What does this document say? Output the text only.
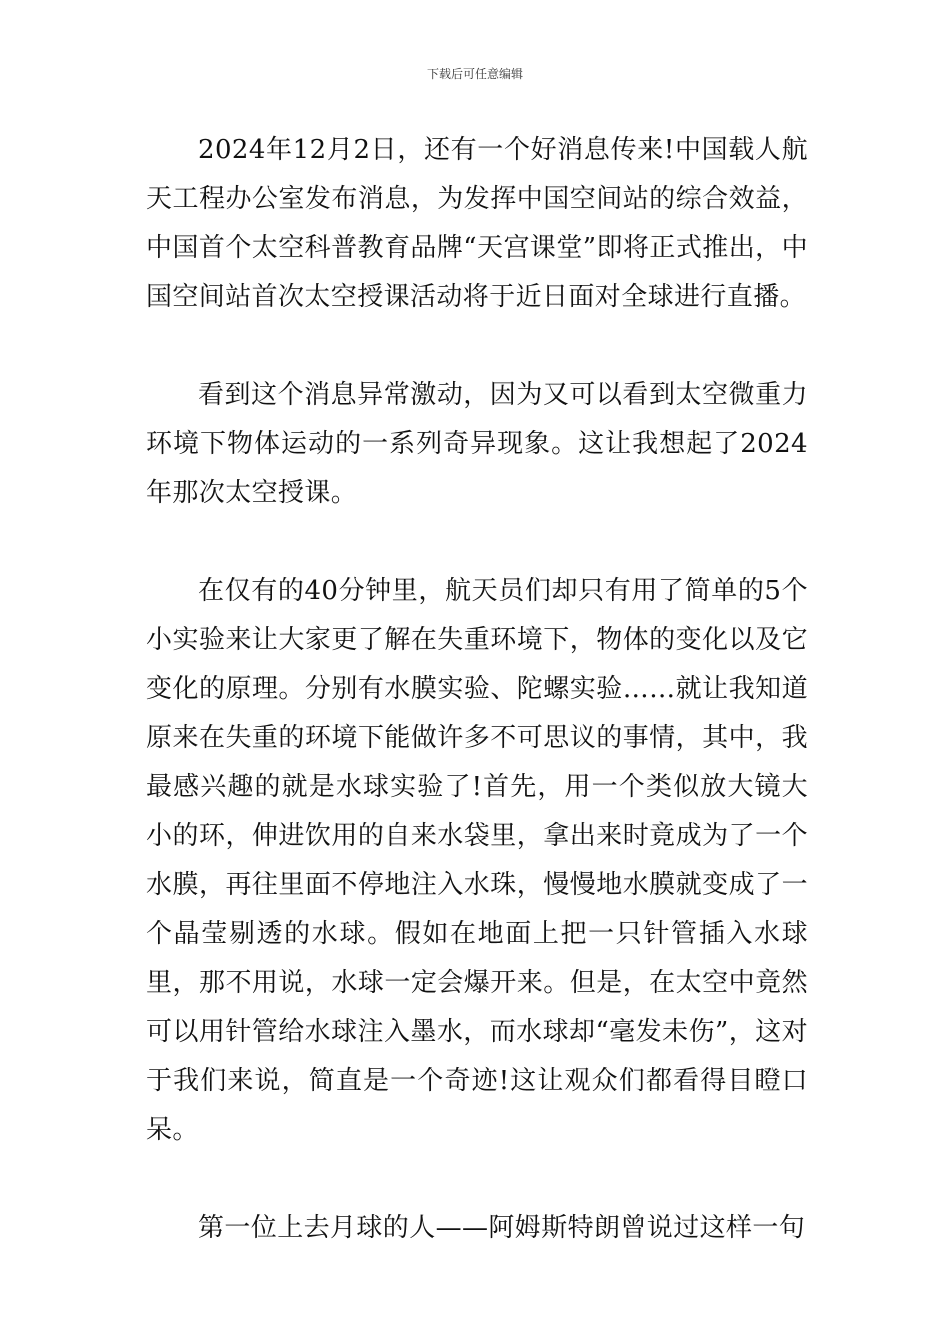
下载后可任意编辑

2024年12月2日，还有一个好消息传来!中国载人航天工程办公室发布消息，为发挥中国空间站的综合效益，中国首个太空科普教育品牌“天宫课堂”即将正式推出，中国空间站首次太空授课活动将于近日面对全球进行直播。

看到这个消息异常激动，因为又可以看到太空微重力环境下物体运动的一系列奇异现象。这让我想起了2024年那次太空授课。

在仅有的40分钟里，航天员们却只有用了简单的5个小实验来让大家更了解在失重环境下，物体的变化以及它变化的原理。分别有水膜实验、陀螺实验……就让我知道原来在失重的环境下能做许多不可思议的事情，其中，我最感兴趣的就是水球实验了!首先，用一个类似放大镜大小的环，伸进饮用的自来水袋里，拿出来时竟成为了一个水膜，再往里面不停地注入水珠，慢慢地水膜就变成了一个晶莹剔透的水球。假如在地面上把一只针管插入水球里，那不用说，水球一定会爆开来。但是，在太空中竟然可以用针管给水球注入墨水，而水球却“毫发未伤”，这对于我们来说，简直是一个奇迹!这让观众们都看得目瞪口呆。

第一位上去月球的人——阿姆斯特朗曾说过这样一句
